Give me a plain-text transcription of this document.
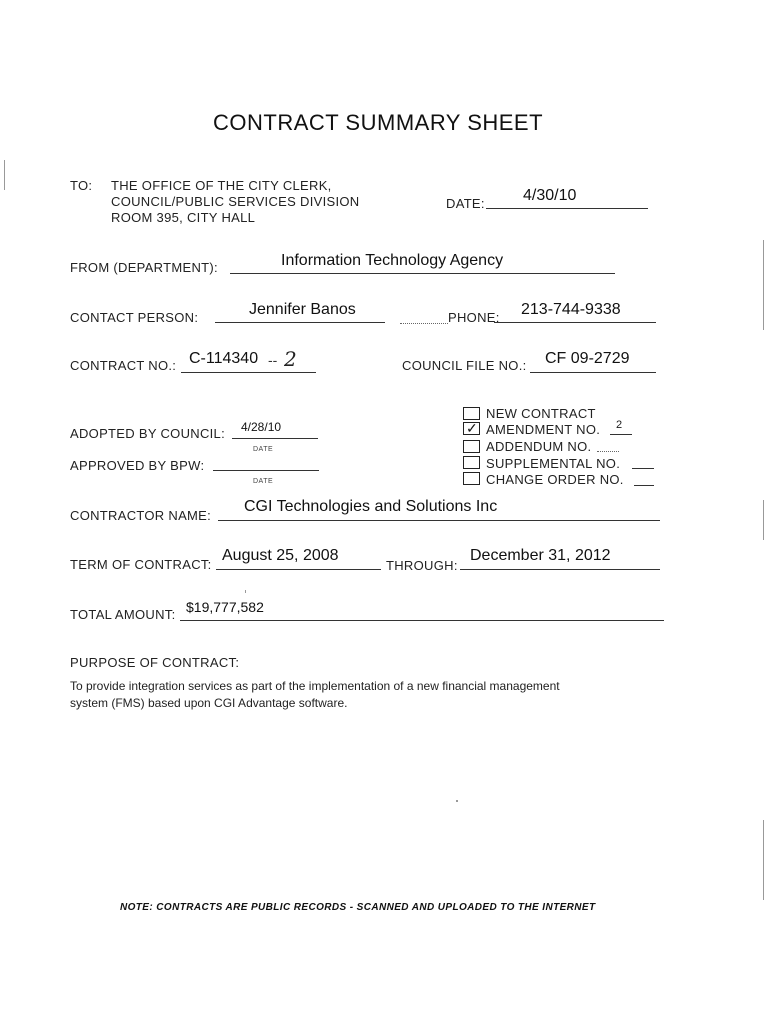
CONTRACT SUMMARY SHEET
TO: THE OFFICE OF THE CITY CLERK,
COUNCIL/PUBLIC SERVICES DIVISION
ROOM 395, CITY HALL
DATE: 4/30/10
FROM (DEPARTMENT):	Information Technology Agency
CONTACT PERSON:	Jennifer Banos	PHONE: 213-744-9338
CONTRACT NO.: C-114340 -- 2	COUNCIL FILE NO.: CF 09-2729
ADOPTED BY COUNCIL: 4/28/10
DATE
APPROVED BY BPW:
DATE
NEW CONTRACT
✓ AMENDMENT NO. 2
ADDENDUM NO.
SUPPLEMENTAL NO.
CHANGE ORDER NO.
CONTRACTOR NAME:
CGI Technologies and Solutions Inc
TERM OF CONTRACT:
August 25, 2008
THROUGH:
December 31, 2012
TOTAL AMOUNT: $19,777,582
PURPOSE OF CONTRACT:
To provide integration services as part of the implementation of a new financial management
system (FMS) based upon CGI Advantage software.
NOTE: CONTRACTS ARE PUBLIC RECORDS - SCANNED AND UPLOADED TO THE INTERNET
